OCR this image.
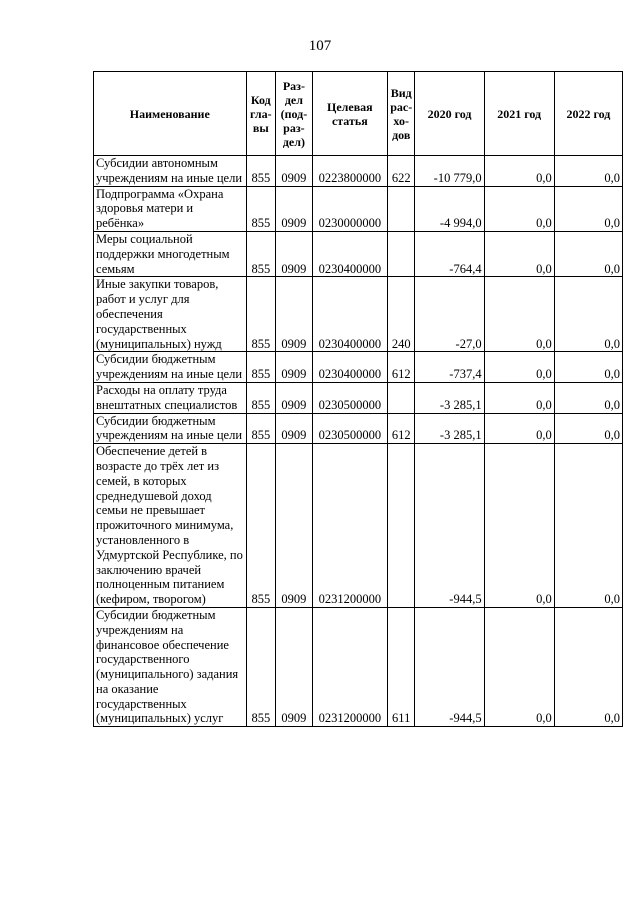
107
Наименование	Код гла- вы	Раз- дел (под- раз- дел)	Целевая статья	Вид рас- хо- дов	2020 год	2021 год	2022 год
Субсидии автономным учреждениям на иные цели	855	0909	0223800000	622	-10 779,0	0,0	0,0
Подпрограмма «Охрана здоровья матери и ребёнка»	855	0909	0230000000		-4 994,0	0,0	0,0
Меры социальной поддержки многодетным семьям	855	0909	0230400000		-764,4	0,0	0,0
Иные закупки товаров, работ и услуг для обеспечения государственных (муниципальных) нужд	855	0909	0230400000	240	-27,0	0,0	0,0
Субсидии бюджетным учреждениям на иные цели	855	0909	0230400000	612	-737,4	0,0	0,0
Расходы на оплату труда внештатных специалистов	855	0909	0230500000		-3 285,1	0,0	0,0
Субсидии бюджетным учреждениям на иные цели	855	0909	0230500000	612	-3 285,1	0,0	0,0
Обеспечение детей в возрасте до трёх лет из семей, в которых среднедушевой доход семьи не превышает прожиточного минимума, установленного в Удмуртской Республике, по заключению врачей полноценным питанием (кефиром, творогом)	855	0909	0231200000		-944,5	0,0	0,0
Субсидии бюджетным учреждениям на финансовое обеспечение государственного (муниципального) задания на оказание государственных (муниципальных) услуг	855	0909	0231200000	611	-944,5	0,0	0,0
